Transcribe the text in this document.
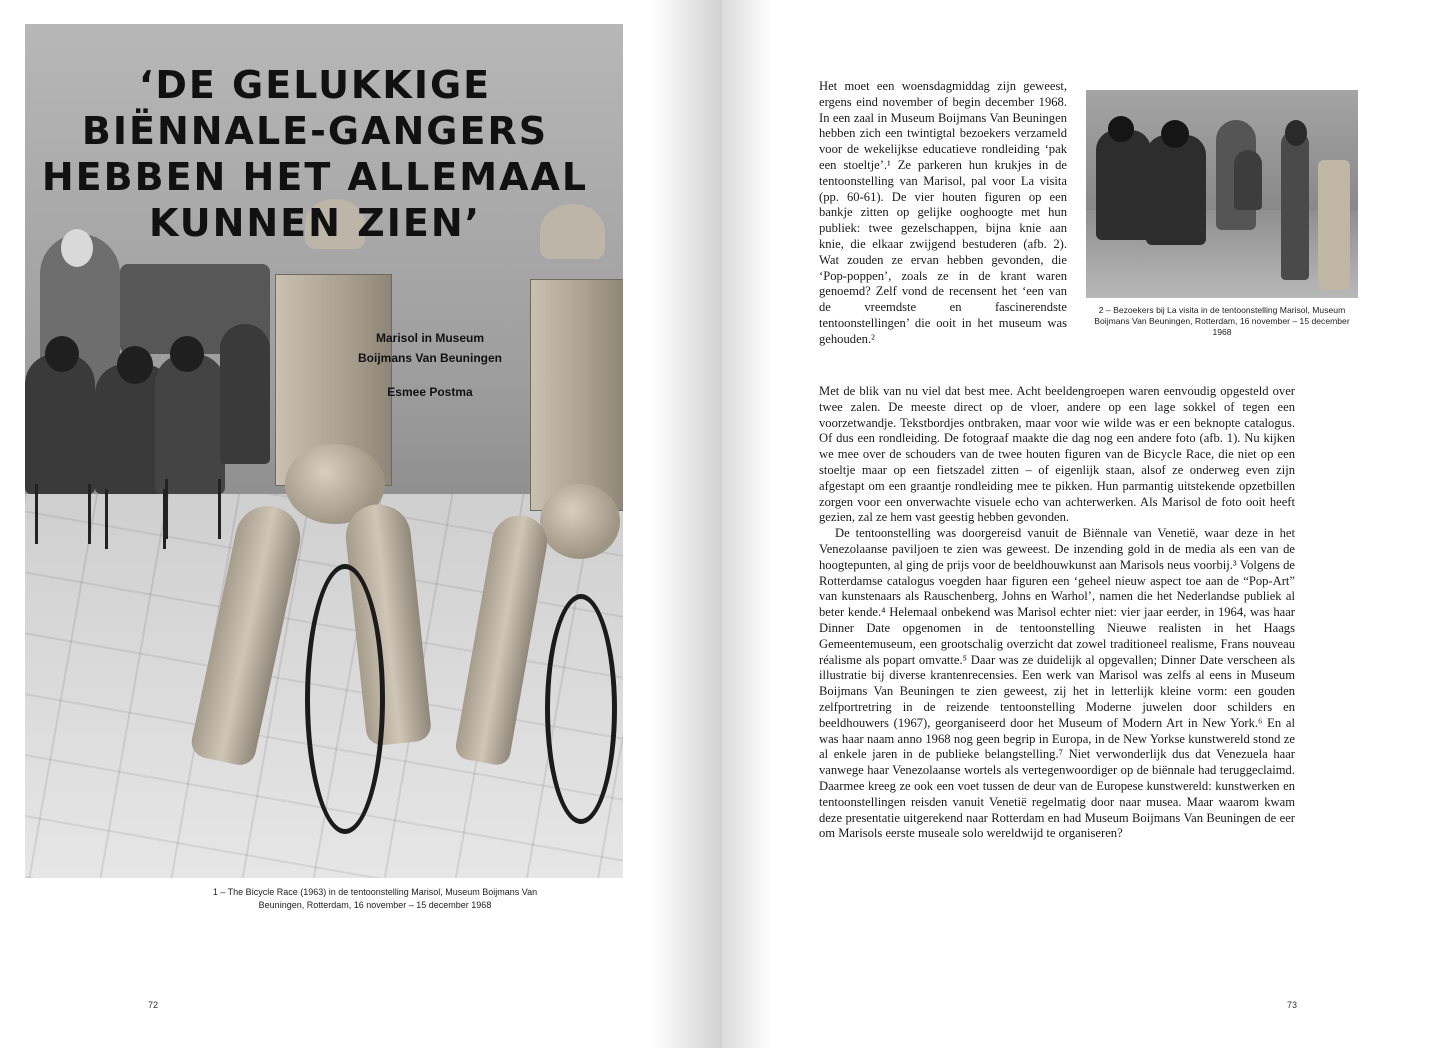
‘DE GELUKKIGE BIËNNALE-GANGERS HEBBEN HET ALLEMAAL KUNNEN ZIEN’
Marisol in Museum Boijmans Van Beuningen
Esmee Postma
1 – The Bicycle Race (1963) in de tentoonstelling Marisol, Museum Boijmans Van Beuningen, Rotterdam, 16 november – 15 december 1968
72
2 – Bezoekers bij La visita in de tentoonstelling Marisol, Museum Boijmans Van Beuningen, Rotterdam, 16 november – 15 december 1968

Het moet een woensdagmiddag zijn geweest, ergens eind november of begin december 1968. In een zaal in Museum Boijmans Van Beuningen hebben zich een twintigtal bezoekers verzameld voor de wekelijkse educatieve rondleiding ‘pak een stoeltje’.¹ Ze parkeren hun krukjes in de tentoonstelling van Marisol, pal voor La visita (pp. 60-61). De vier houten figuren op een bankje zitten op gelijke ooghoogte met hun publiek: twee gezelschappen, bijna knie aan knie, die elkaar zwijgend bestuderen (afb. 2). Wat zouden ze ervan hebben gevonden, die ‘Pop-poppen’, zoals ze in de krant waren genoemd? Zelf vond de recensent het ‘een van de vreemdste en fascinerendste tentoonstellingen’ die ooit in het museum was gehouden.²

Met de blik van nu viel dat best mee. Acht beeldengroepen waren eenvoudig opgesteld over twee zalen. De meeste direct op de vloer, andere op een lage sokkel of tegen een voorzetwandje. Tekstbordjes ontbraken, maar voor wie wilde was er een beknopte catalogus. Of dus een rondleiding. De fotograaf maakte die dag nog een andere foto (afb. 1). Nu kijken we mee over de schouders van de twee houten figuren van de Bicycle Race, die niet op een stoeltje maar op een fietszadel zitten – of eigenlijk staan, alsof ze onderweg even zijn afgestapt om een graantje rondleiding mee te pikken. Hun parmantig uitstekende opzetbillen zorgen voor een onverwachte visuele echo van achterwerken. Als Marisol de foto ooit heeft gezien, zal ze hem vast geestig hebben gevonden.

De tentoonstelling was doorgereisd vanuit de Biënnale van Venetië, waar deze in het Venezolaanse paviljoen te zien was geweest. De inzending gold in de media als een van de hoogtepunten, al ging de prijs voor de beeldhouwkunst aan Marisols neus voorbij.³ Volgens de Rotterdamse catalogus voegden haar figuren een ‘geheel nieuw aspect toe aan de “Pop-Art” van kunstenaars als Rauschenberg, Johns en Warhol’, namen die het Nederlandse publiek al beter kende.⁴ Helemaal onbekend was Marisol echter niet: vier jaar eerder, in 1964, was haar Dinner Date opgenomen in de tentoonstelling Nieuwe realisten in het Haags Gemeentemuseum, een grootschalig overzicht dat zowel traditioneel realisme, Frans nouveau réalisme als popart omvatte.⁵ Daar was ze duidelijk al opgevallen; Dinner Date verscheen als illustratie bij diverse krantenrecensies. Een werk van Marisol was zelfs al eens in Museum Boijmans Van Beuningen te zien geweest, zij het in letterlijk kleine vorm: een gouden zelfportretring in de reizende tentoonstelling Moderne juwelen door schilders en beeldhouwers (1967), georganiseerd door het Museum of Modern Art in New York.⁶ En al was haar naam anno 1968 nog geen begrip in Europa, in de New Yorkse kunstwereld stond ze al enkele jaren in de publieke belangstelling.⁷ Niet verwonderlijk dus dat Venezuela haar vanwege haar Venezolaanse wortels als vertegenwoordiger op de biënnale had teruggeclaimd. Daarmee kreeg ze ook een voet tussen de deur van de Europese kunstwereld: kunstwerken en tentoonstellingen reisden vanuit Venetië regelmatig door naar musea. Maar waarom kwam deze presentatie uitgerekend naar Rotterdam en had Museum Boijmans Van Beuningen de eer om Marisols eerste museale solo wereldwijd te organiseren?

73
